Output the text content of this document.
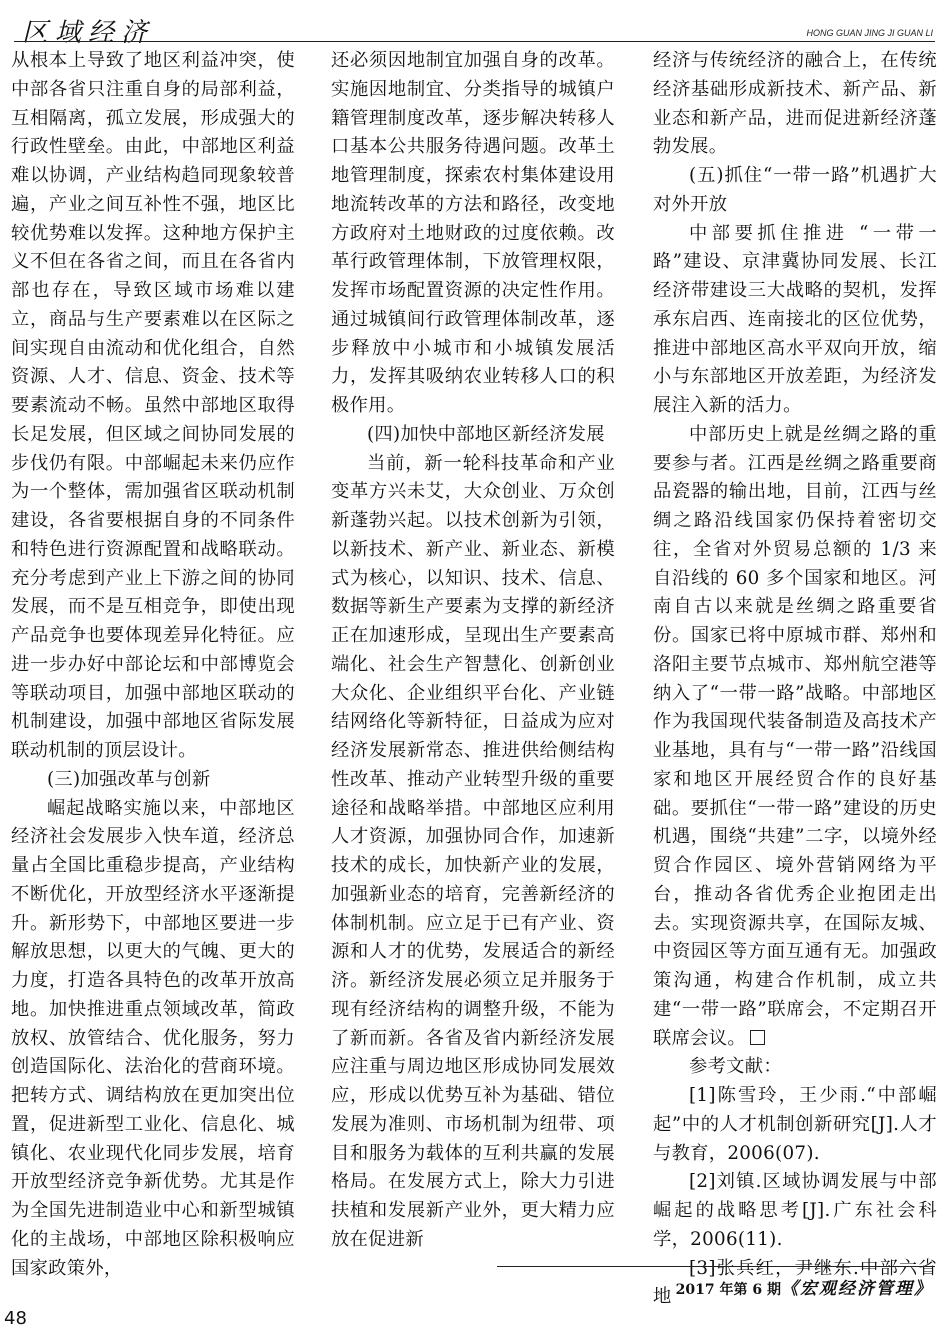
区域经济	HONG GUAN JING JI GUAN LI

从根本上导致了地区利益冲突，使中部各省只注重自身的局部利益，互相隔离，孤立发展，形成强大的行政性壁垒。由此，中部地区利益难以协调，产业结构趋同现象较普遍，产业之间互补性不强，地区比较优势难以发挥。这种地方保护主义不但在各省之间，而且在各省内部也存在，导致区域市场难以建立，商品与生产要素难以在区际之间实现自由流动和优化组合，自然资源、人才、信息、资金、技术等要素流动不畅。虽然中部地区取得长足发展，但区域之间协同发展的步伐仍有限。中部崛起未来仍应作为一个整体，需加强省区联动机制建设，各省要根据自身的不同条件和特色进行资源配置和战略联动。充分考虑到产业上下游之间的协同发展，而不是互相竞争，即使出现产品竞争也要体现差异化特征。应进一步办好中部论坛和中部博览会等联动项目，加强中部地区联动的机制建设，加强中部地区省际发展联动机制的顶层设计。

(三)加强改革与创新

崛起战略实施以来，中部地区经济社会发展步入快车道，经济总量占全国比重稳步提高，产业结构不断优化，开放型经济水平逐渐提升。新形势下，中部地区要进一步解放思想，以更大的气魄、更大的力度，打造各具特色的改革开放高地。加快推进重点领域改革，简政放权、放管结合、优化服务，努力创造国际化、法治化的营商环境。把转方式、调结构放在更加突出位置，促进新型工业化、信息化、城镇化、农业现代化同步发展，培育开放型经济竞争新优势。尤其是作为全国先进制造业中心和新型城镇化的主战场，中部地区除积极响应国家政策外，

还必须因地制宜加强自身的改革。实施因地制宜、分类指导的城镇户籍管理制度改革，逐步解决转移人口基本公共服务待遇问题。改革土地管理制度，探索农村集体建设用地流转改革的方法和路径，改变地方政府对土地财政的过度依赖。改革行政管理体制，下放管理权限，发挥市场配置资源的决定性作用。通过城镇间行政管理体制改革，逐步释放中小城市和小城镇发展活力，发挥其吸纳农业转移人口的积极作用。

(四)加快中部地区新经济发展

当前，新一轮科技革命和产业变革方兴未艾，大众创业、万众创新蓬勃兴起。以技术创新为引领，以新技术、新产业、新业态、新模式为核心，以知识、技术、信息、数据等新生产要素为支撑的新经济正在加速形成，呈现出生产要素高端化、社会生产智慧化、创新创业大众化、企业组织平台化、产业链结网络化等新特征，日益成为应对经济发展新常态、推进供给侧结构性改革、推动产业转型升级的重要途径和战略举措。中部地区应利用人才资源，加强协同合作，加速新技术的成长，加快新产业的发展，加强新业态的培育，完善新经济的体制机制。应立足于已有产业、资源和人才的优势，发展适合的新经济。新经济发展必须立足并服务于现有经济结构的调整升级，不能为了新而新。各省及省内新经济发展应注重与周边地区形成协同发展效应，形成以优势互补为基础、错位发展为准则、市场机制为纽带、项目和服务为载体的互利共赢的发展格局。在发展方式上，除大力引进扶植和发展新产业外，更大精力应放在促进新

经济与传统经济的融合上，在传统经济基础形成新技术、新产品、新业态和新产品，进而促进新经济蓬勃发展。

(五)抓住“一带一路”机遇扩大对外开放

中部要抓住推进 “一带一路”建设、京津冀协同发展、长江经济带建设三大战略的契机，发挥承东启西、连南接北的区位优势，推进中部地区高水平双向开放，缩小与东部地区开放差距，为经济发展注入新的活力。

中部历史上就是丝绸之路的重要参与者。江西是丝绸之路重要商品瓷器的输出地，目前，江西与丝绸之路沿线国家仍保持着密切交往，全省对外贸易总额的 1/3 来自沿线的 60 多个国家和地区。河南自古以来就是丝绸之路重要省份。国家已将中原城市群、郑州和洛阳主要节点城市、郑州航空港等纳入了“一带一路”战略。中部地区作为我国现代装备制造及高技术产业基地，具有与“一带一路”沿线国家和地区开展经贸合作的良好基础。要抓住“一带一路”建设的历史机遇，围绕“共建”二字，以境外经贸合作园区、境外营销网络为平台，推动各省优秀企业抱团走出去。实现资源共享，在国际友城、中资园区等方面互通有无。加强政策沟通，构建合作机制，成立共建“一带一路”联席会，不定期召开联席会议。

参考文献：

[1]陈雪玲，王少雨.“中部崛起”中的人才机制创新研究[J].人才与教育，2006(07).

[2]刘镇.区域协调发展与中部崛起的战略思考[J].广东社会科学，2006(11).

[3]张兵红，尹继东.中部六省地 2017 年第 6 期《宏观经济管理》
48
